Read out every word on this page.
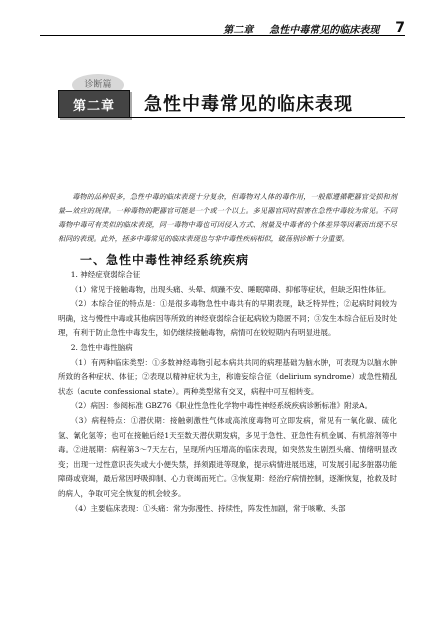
第二章 急性中毒常见的临床表现 7
诊断篇
第二章	急性中毒常见的临床表现

毒物的品种很多，急性中毒的临床表现十分复杂，但毒物对人体的毒作用，一般都遵循靶器官受损和剂量—效应的规律。一种毒物的靶器官可能是一个或一个以上。多见器官同时损害在急性中毒较为常见。不同毒物中毒可有类似的临床表现，同一毒物中毒也可因侵入方式、剂量及中毒者的个体差异等因素而出现不尽相同的表现。此外，拯多中毒常见的临床表现也与非中毒性疾病相似，破荡别诊断十分重要。

一、急性中毒性神经系统疾病

1. 神经症衰弱综合征

（1）常见于接触毒物，出现头痛、头晕、烦躁不安、睡眠障碍、抑郁等症状，但缺乏阳性体征。

（2）本综合征的特点是：①是很多毒物急性中毒共有的早期表现，缺乏特异性；②起病时间较为明确，这与慢性中毒或其他病因等所致的神经衰弱综合征起病较为隐匿不同；③发生本综合征后及时处理，有利于防止急性中毒发生，如仍继续接触毒物，病情可在较短期内有明显进展。

2. 急性中毒性脑病

（1）有两种临床类型：①多数神经毒物引起本病共共同的病理基础为脑水肿，可表现为以脑水肿所致的各种症状、体征；②表现以精神症状为主，称谵妄综合征（delirium syndrome）或急性精乱状态（acute confessional state）。两种类型常有交叉，病程中可互相转变。

（2）病因：参阅标准 GBZ76《职业性急性化学物中毒性神经系统疾病诊断标准》附录A。

（3）病程特点：①潜伏期：接触刺激性气体或高浓度毒物可立即发病，常见有一氧化碳、硫化氢、氰化氢等；也可在接触后经1天至数天潜伏期发病，多见于急性、亚急性有机金属、有机溶剂等中毒。②进展期：病程第3～7天左右，呈现所内压增高的临床表现，如突然发生剧烈头痛、情绪明显改变；出现一过性意识丧失或大小便失禁，择须跟进等现象，提示病情进展迅速，可发展引起多脏器功能障碍或衰竭，最后常因呼吸抑制、心力衰竭而死亡。③恢复期：经治疗病情控制，逐渐恢复，抢救及时的病人，争取可完全恢复的机会较多。

（4）主要临床表现：①头痛：常为弥漫性、持续性，阵发性加剧，常于咳嗽、头部
